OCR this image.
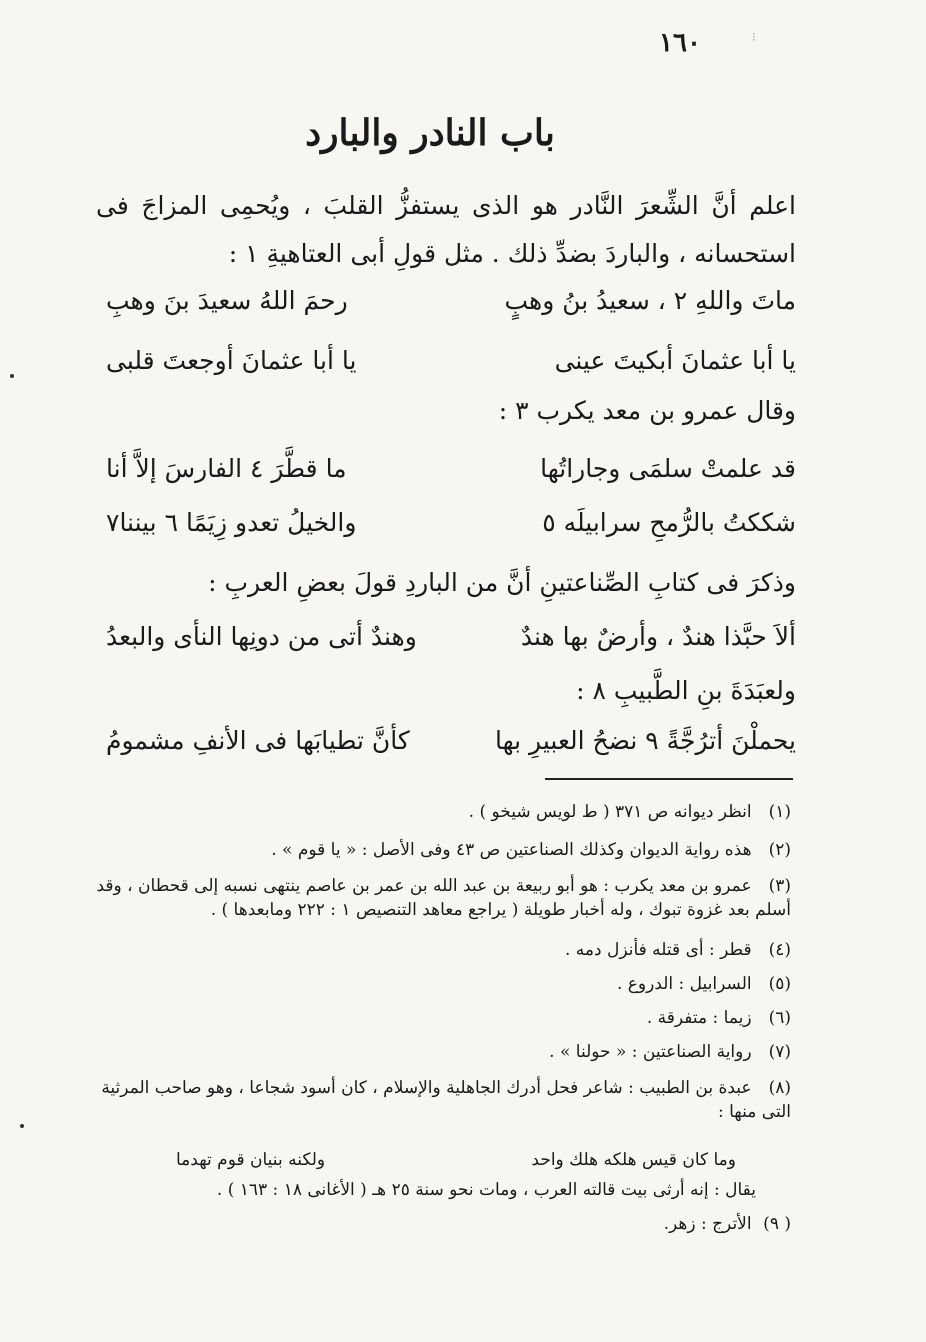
١٦٠	⁝
باب النادر والبارد
اعلم أنَّ الشِّعرَ النَّادر هو الذى يستفزُّ القلبَ ، ويُحمِى المزاجَ فى استحسانه ، والباردَ بضدِّ ذلك . مثل قولِ أبى العتاهيةِ ١ :
ماتَ واللهِ ٢ ، سعيدُ بنُ وهبٍ
رحمَ اللهُ سعيدَ بنَ وهبِ
يا أبا عثمانَ أبكيتَ عينى
يا أبا عثمانَ أوجعتَ قلبى
وقال عمرو بن معد يكرب ٣ :
قد علمتْ سلمَى وجاراتُها
ما قطَّرَ ٤ الفارسَ إلاَّ أنا
شككتُ بالرُّمحِ سرابيلَه ٥
والخيلُ تعدو زِيَمًا ٦ بيننا٧
وذكرَ فى كتابِ الصِّناعتينِ أنَّ من الباردِ قولَ بعضِ العربِ :
ألاَ حبَّذا هندٌ ، وأرضٌ بها هندٌ
وهندٌ أتى من دونِها النأى والبعدُ
ولعبَدَةَ بنِ الطَّبيبِ ٨ :
يحملْنَ أترُجَّةً ٩ نضحُ العبيرِ بها
كأنَّ تطيابَها فى الأنفِ مشمومُ
(١) انظر ديوانه ص ٣٧١ ( ط لويس شيخو ) .
(٢) هذه رواية الديوان وكذلك الصناعتين ص ٤٣ وفى الأصل : « يا قوم » .
(٣) عمرو بن معد يكرب : هو أبو ربيعة بن عبد الله بن عمر بن عاصم ينتهى نسبه إلى قحطان ، وقد أسلم بعد غزوة تبوك ، وله أخبار طويلة ( يراجع معاهد التنصيص ١ : ٢٢٢ ومابعدها ) .
(٤) قطر : أى قتله فأنزل دمه .
(٥) السرابيل : الدروع .
(٦) زيما : متفرقة .
(٧) رواية الصناعتين : « حولنا » .
(٨) عبدة بن الطبيب : شاعر فحل أدرك الجاهلية والإسلام ، كان أسود شجاعا ، وهو صاحب المرثية التى منها :
وما كان قيس هلكه هلك واحد
ولكنه بنيان قوم تهدما
يقال : إنه أرثى بيت قالته العرب ، ومات نحو سنة ٢٥ هـ ( الأغانى ١٨ : ١٦٣ ) .
( ٩) الأترج : زهر.
